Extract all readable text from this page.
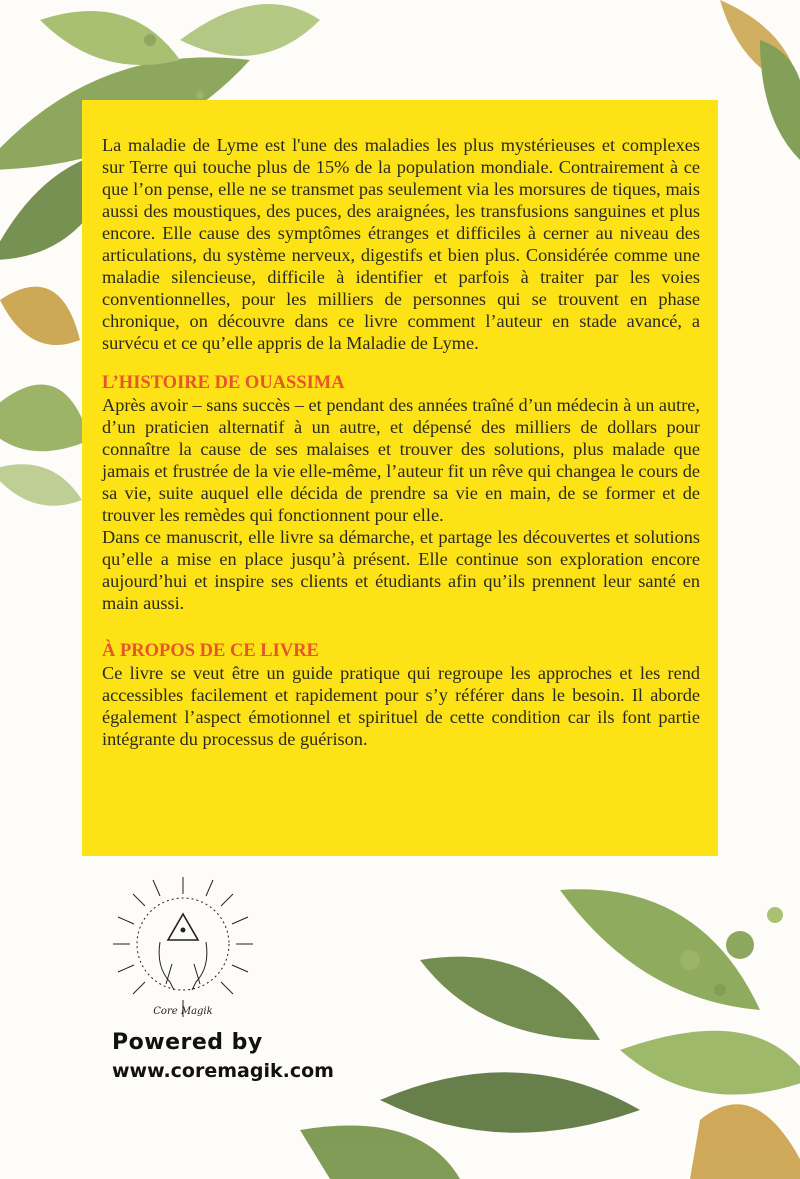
La maladie de Lyme est l'une des maladies les plus mystérieuses et complexes sur Terre qui touche plus de 15% de la population mondiale. Contrairement à ce que l’on pense, elle ne se transmet pas seulement via les morsures de tiques, mais aussi des moustiques, des puces, des araignées, les transfusions sanguines et plus encore. Elle cause des symptômes étranges et difficiles à cerner au niveau des articulations, du système nerveux, digestifs et bien plus. Considérée comme une maladie silencieuse, difficile à identifier et parfois à traiter par les voies conventionnelles, pour les milliers de personnes qui se trouvent en phase chronique, on découvre dans ce livre comment l’auteur en stade avancé, a survécu et ce qu’elle appris de la Maladie de Lyme.

L’HISTOIRE DE OUASSIMA

Après avoir – sans succès – et pendant des années traîné d’un médecin à un autre, d’un praticien alternatif à un autre, et dépensé des milliers de dollars pour connaître la cause de ses malaises et trouver des solutions, plus malade que jamais et frustrée de la vie elle-même, l’auteur fit un rêve qui changea le cours de sa vie, suite auquel elle décida de prendre sa vie en main, de se former et de trouver les remèdes qui fonctionnent pour elle.

Dans ce manuscrit, elle livre sa démarche, et partage les découvertes et solutions qu’elle a mise en place jusqu’à présent. Elle continue son exploration encore aujourd’hui et inspire ses clients et étudiants afin qu’ils prennent leur santé en main aussi.

À PROPOS DE CE LIVRE

Ce livre se veut être un guide pratique qui regroupe les approches et les rend accessibles facilement et rapidement pour s’y référer dans le besoin. Il aborde également l’aspect émotionnel et spirituel de cette condition car ils font partie intégrante du processus de guérison.

Core Magik
Powered by
www.coremagik.com
